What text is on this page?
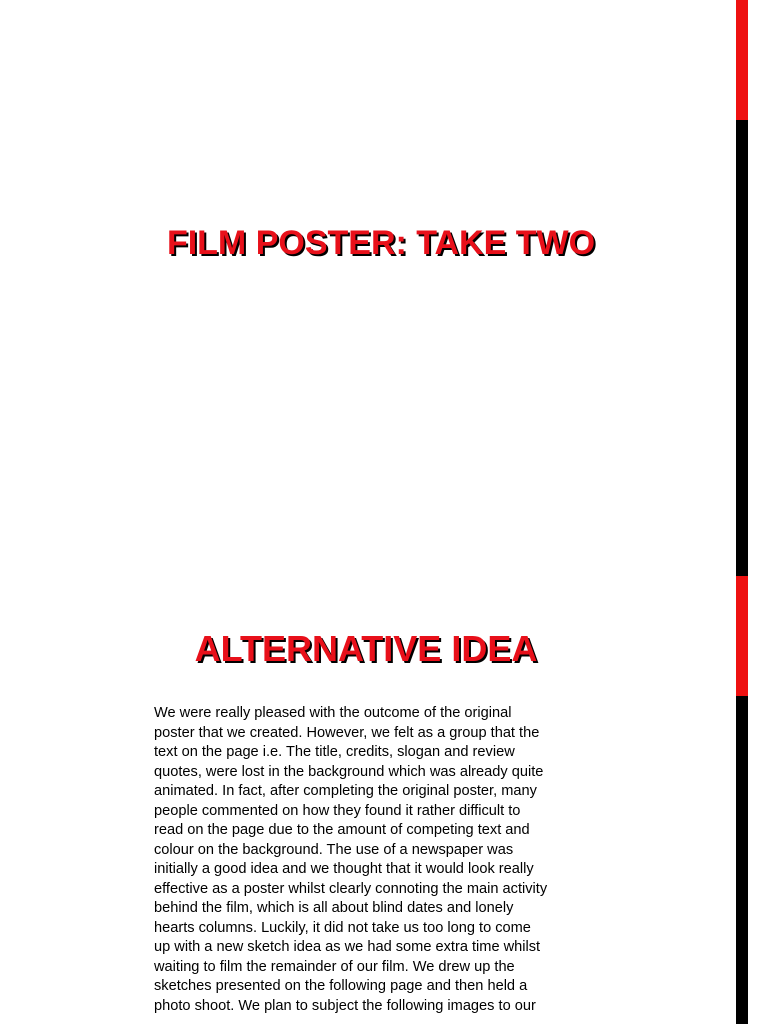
FILM POSTER: TAKE TWO
ALTERNATIVE IDEA

We were really pleased with the outcome of the original
poster that we created. However, we felt as a group that the
text on the page i.e. The title, credits, slogan and review
quotes, were lost in the background which was already quite
animated. In fact, after completing the original poster, many
people commented on how they found it rather difficult to
read on the page due to the amount of competing text and
colour on the background. The use of a newspaper was
initially a good idea and we thought that it would look really
effective as a poster whilst clearly connoting the main activity
behind the film, which is all about blind dates and lonely
hearts columns. Luckily, it did not take us too long to come
up with a new sketch idea as we had some extra time whilst
waiting to film the remainder of our film. We drew up the
sketches presented on the following page and then held a
photo shoot. We plan to subject the following images to our
